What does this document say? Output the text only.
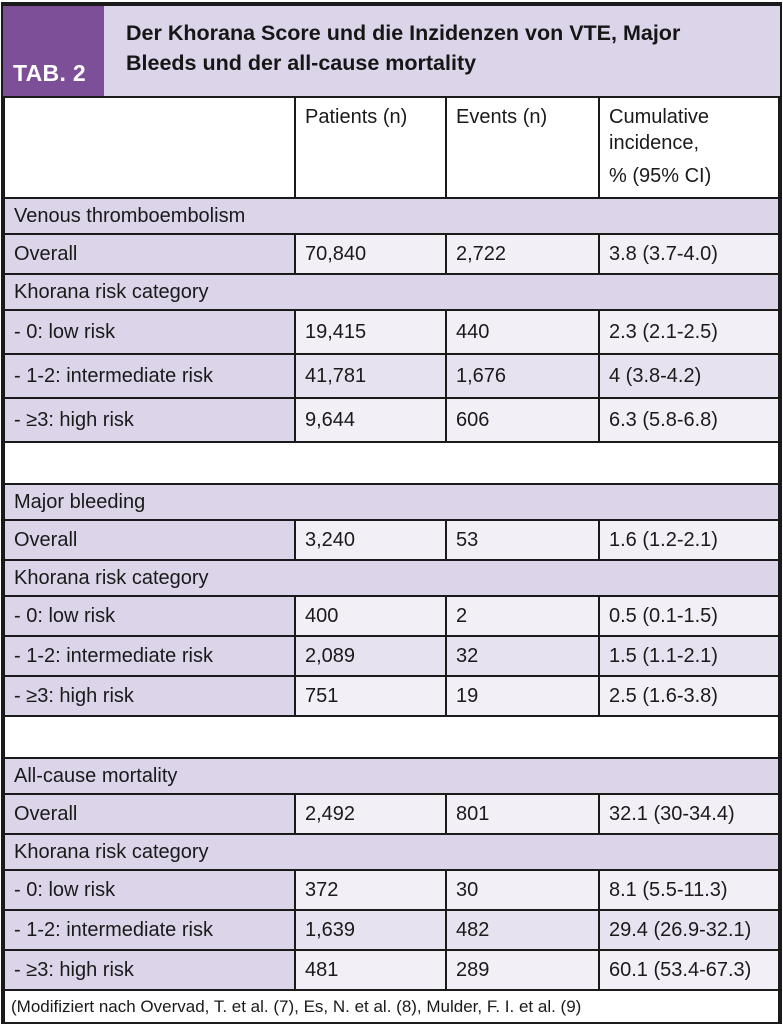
TAB. 2
Der Khorana Score und die Inzidenzen von VTE, Major Bleeds und der all-cause mortality
	Patients (n)	Events (n)	Cumulative incidence,
% (95% CI)

Venous thromboembolism			
Overall	70,840	2,722	3.8 (3.7-4.0)
Khorana risk category			
- 0: low risk	19,415	440	2.3 (2.1-2.5)
- 1-2: intermediate risk	41,781	1,676	4 (3.8-4.2)
- ≥3: high risk	9,644	606	6.3 (5.8-6.8)

Major bleeding			
Overall	3,240	53	1.6 (1.2-2.1)
Khorana risk category			
- 0: low risk	400	2	0.5 (0.1-1.5)
- 1-2: intermediate risk	2,089	32	1.5 (1.1-2.1)
- ≥3: high risk	751	19	2.5 (1.6-3.8)

All-cause mortality			
Overall	2,492	801	32.1 (30-34.4)
Khorana risk category			
- 0: low risk	372	30	8.1 (5.5-11.3)
- 1-2: intermediate risk	1,639	482	29.4 (26.9-32.1)
- ≥3: high risk	481	289	60.1 (53.4-67.3)
(Modifiziert nach Overvad, T. et al. (7), Es, N. et al. (8), Mulder, F. I. et al. (9)			
